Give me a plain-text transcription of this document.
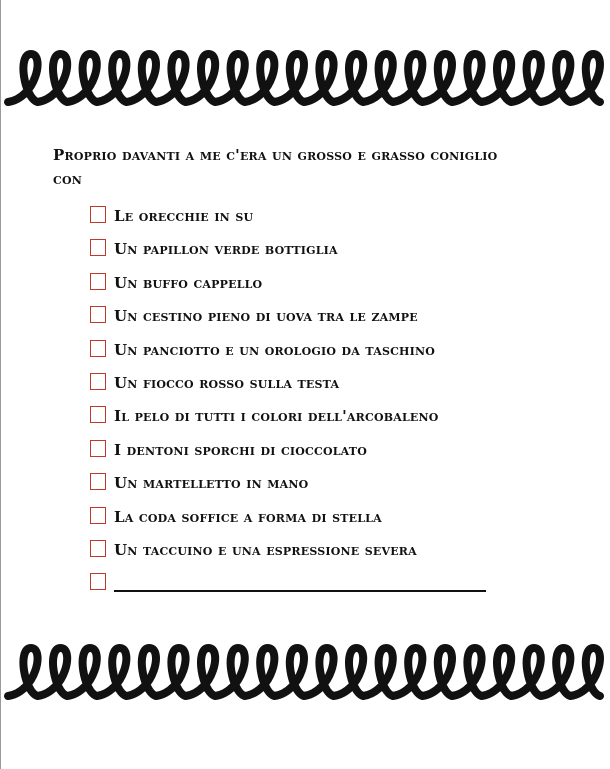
Proprio davanti a me c'era un grosso e grasso coniglio con
Le orecchie in su
Un papillon verde bottiglia
Un buffo cappello
Un cestino pieno di uova tra le zampe
Un panciotto e un orologio da taschino
Un fiocco rosso sulla testa
Il pelo di tutti i colori dell'arcobaleno
I dentoni sporchi di cioccolato
Un martelletto in mano
La coda soffice a forma di stella
Un taccuino e una espressione severa
